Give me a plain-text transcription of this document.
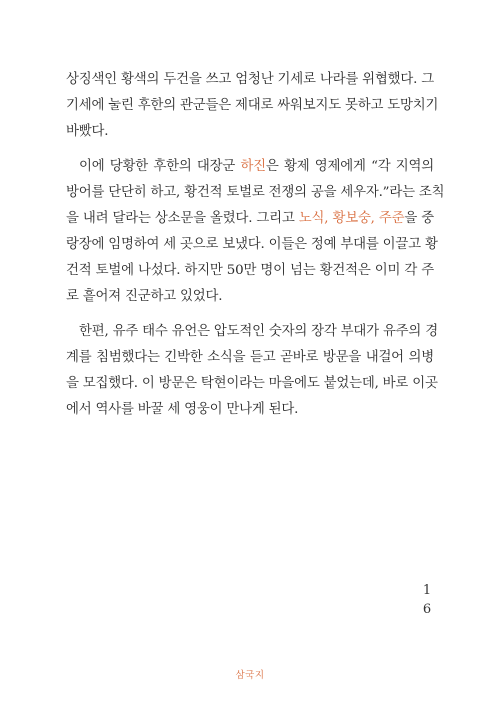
상징색인 황색의 두건을 쓰고 엄청난 기세로 나라를 위협했다. 그
기세에 눌린 후한의 관군들은 제대로 싸워보지도 못하고 도망치기
바빴다.
이에 당황한 후한의 대장군 하진은 황제 영제에게 “각 지역의
방어를 단단히 하고, 황건적 토벌로 전쟁의 공을 세우자.”라는 조칙
을 내려 달라는 상소문을 올렸다. 그리고 노식, 황보숭, 주준을 중
랑장에 임명하여 세 곳으로 보냈다. 이들은 정예 부대를 이끌고 황
건적 토벌에 나섰다. 하지만 50만 명이 넘는 황건적은 이미 각 주
로 흩어져 진군하고 있었다.
한편, 유주 태수 유언은 압도적인 숫자의 장각 부대가 유주의 경
계를 침범했다는 긴박한 소식을 듣고 곧바로 방문을 내걸어 의병
을 모집했다. 이 방문은 탁현이라는 마을에도 붙었는데, 바로 이곳
에서 역사를 바꿀 세 영웅이 만나게 된다.
1
6
삼국지
